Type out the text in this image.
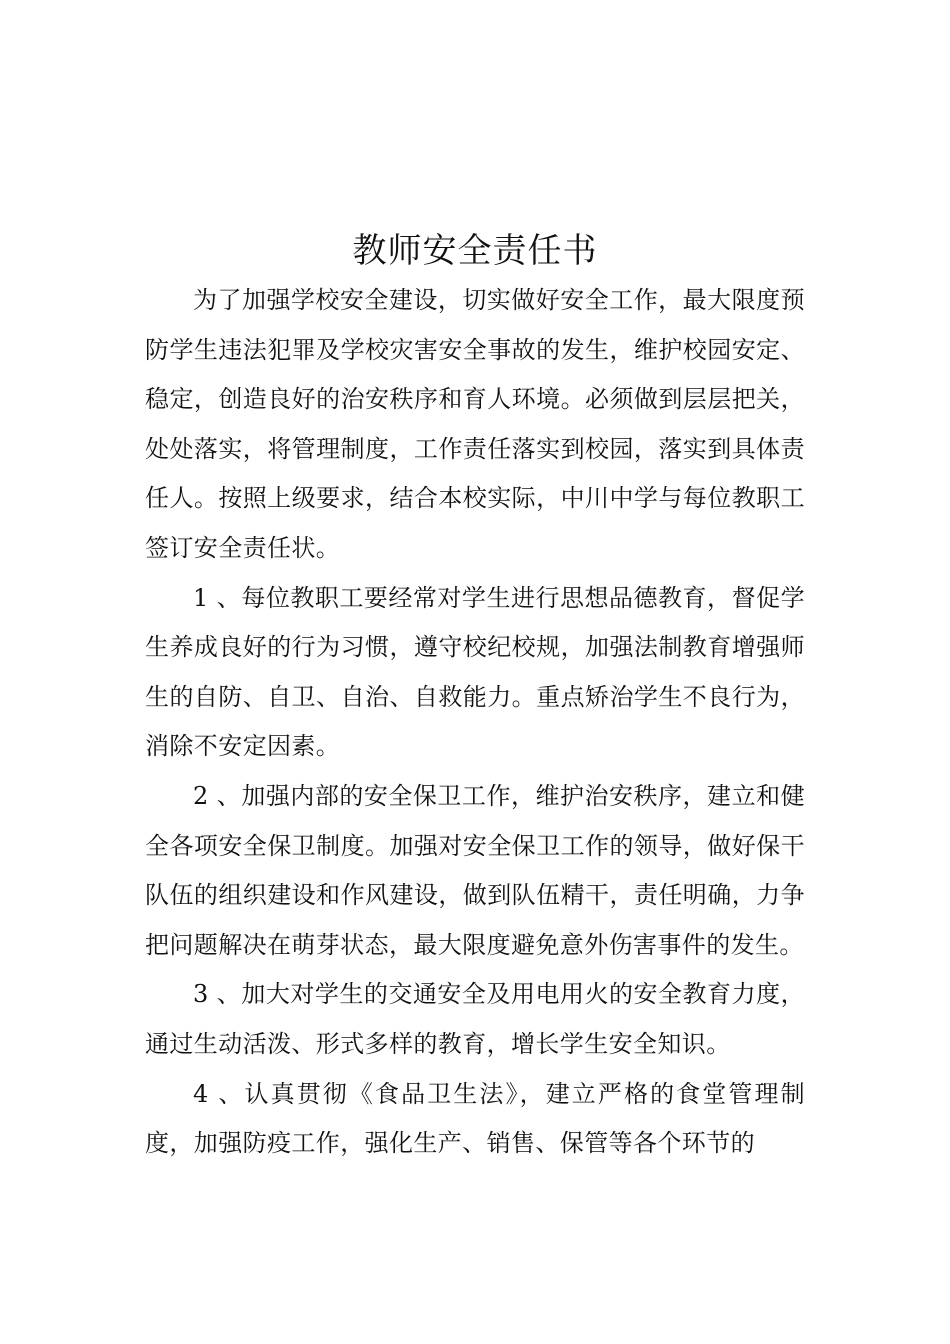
教师安全责任书

为了加强学校安全建设，切实做好安全工作，最大限度预防学生违法犯罪及学校灾害安全事故的发生，维护校园安定、稳定，创造良好的治安秩序和育人环境。必须做到层层把关，处处落实，将管理制度，工作责任落实到校园，落实到具体责任人。按照上级要求，结合本校实际，中川中学与每位教职工签订安全责任状。

1 、每位教职工要经常对学生进行思想品德教育，督促学生养成良好的行为习惯，遵守校纪校规，加强法制教育增强师生的自防、自卫、自治、自救能力。重点矫治学生不良行为，消除不安定因素。

2 、加强内部的安全保卫工作，维护治安秩序，建立和健全各项安全保卫制度。加强对安全保卫工作的领导，做好保干队伍的组织建设和作风建设，做到队伍精干，责任明确，力争把问题解决在萌芽状态，最大限度避免意外伤害事件的发生。

3 、加大对学生的交通安全及用电用火的安全教育力度，通过生动活泼、形式多样的教育，增长学生安全知识。

4 、认真贯彻《食品卫生法》，建立严格的食堂管理制度，加强防疫工作，强化生产、销售、保管等各个环节的
